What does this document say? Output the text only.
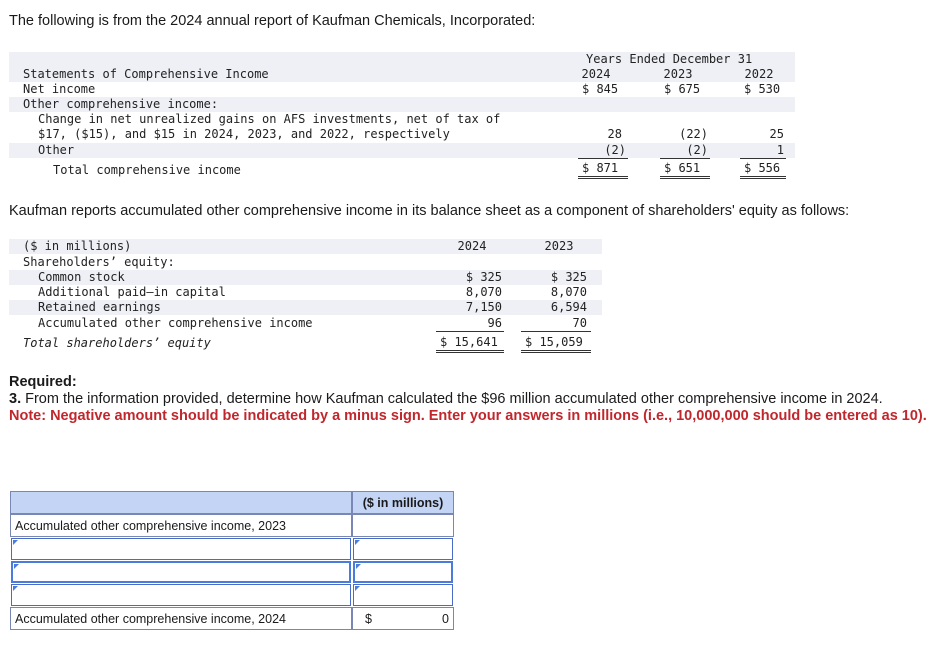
The following is from the 2024 annual report of Kaufman Chemicals, Incorporated:
Years Ended December 31
Statements of Comprehensive Income	2024	2023	2022
Net income	$ 845	$ 675	$ 530
Other comprehensive income:
Change in net unrealized gains on AFS investments, net of tax of
$17, ($15), and $15 in 2024, 2023, and 2022, respectively	28	(22)	25
Other	(2)	(2)	1
Total comprehensive income	$ 871	$ 651	$ 556
Kaufman reports accumulated other comprehensive income in its balance sheet as a component of shareholders' equity as follows:
($ in millions)	2024	2023
Shareholders’ equity:
Common stock	$ 325	$ 325
Additional paid–in capital	8,070	8,070
Retained earnings	7,150	6,594
Accumulated other comprehensive income	96	70
Total shareholders’ equity	$ 15,641 $ 15,059
Required:
3. From the information provided, determine how Kaufman calculated the $96 million accumulated other comprehensive income in 2024.
Note: Negative amount should be indicated by a minus sign. Enter your answers in millions (i.e., 10,000,000 should be entered as 10).
($ in millions)
Accumulated other comprehensive income, 2023
Accumulated other comprehensive income, 2024	$	0
